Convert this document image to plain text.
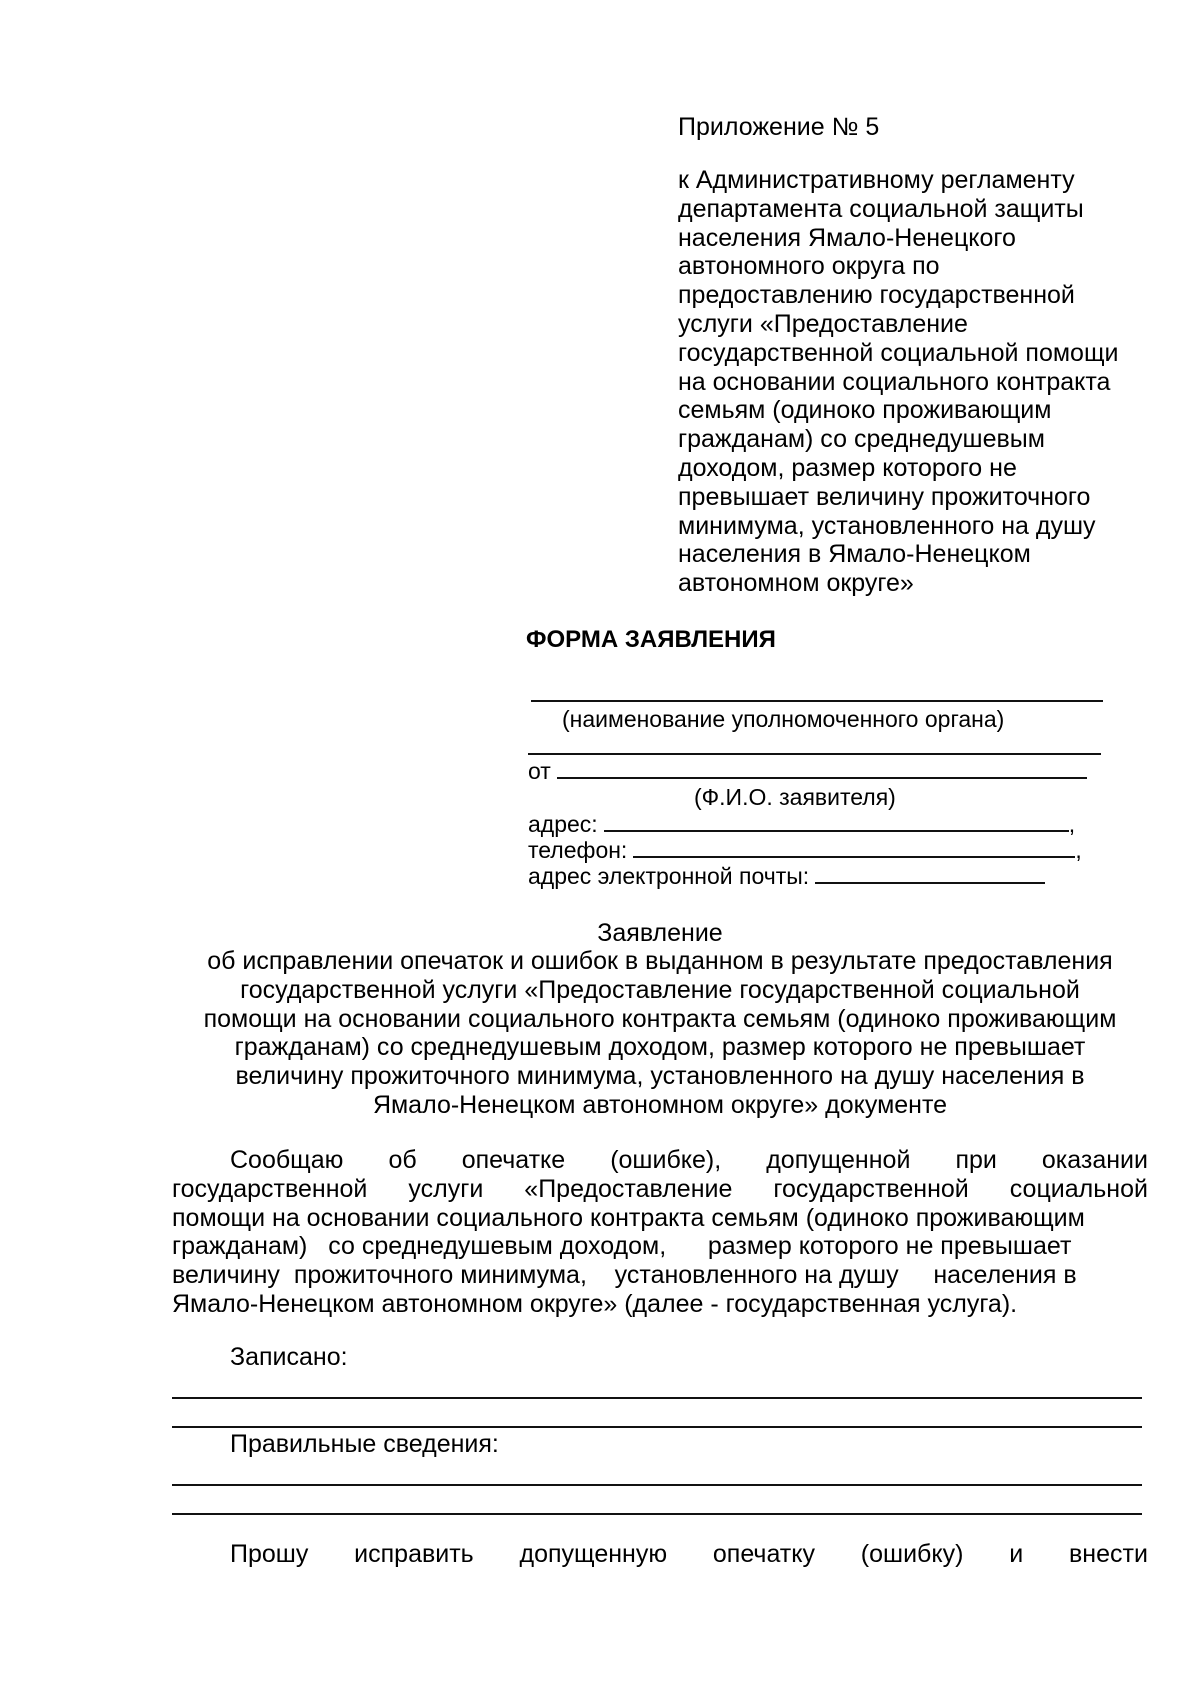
Приложение № 5
к Административному регламенту
департамента социальной защиты
населения Ямало-Ненецкого
автономного округа по
предоставлению государственной
услуги «Предоставление
государственной социальной помощи
на основании социального контракта
семьям (одиноко проживающим
гражданам) со среднедушевым
доходом, размер которого не
превышает величину прожиточного
минимума, установленного на душу
населения в Ямало-Ненецком
автономном округе»
ФОРМА ЗАЯВЛЕНИЯ
(наименование уполномоченного органа)
от
(Ф.И.О. заявителя)
адрес:	,
телефон:	,
адрес электронной почты:
Заявление
об исправлении опечаток и ошибок в выданном в результате предоставления
государственной услуги «Предоставление государственной социальной
помощи на основании социального контракта семьям (одиноко проживающим
гражданам) со среднедушевым доходом, размер которого не превышает
величину прожиточного минимума, установленного на душу населения в
Ямало-Ненецком автономном округе» документе
Сообщаю об опечатке (ошибке), допущенной при оказании
государственной услуги «Предоставление государственной социальной
помощи на основании социального контракта семьям (одиноко проживающим
гражданам)   со среднедушевым доходом,      размер которого не превышает
величину  прожиточного минимума,    установленного на душу     населения в
Ямало-Ненецком автономном округе» (далее - государственная услуга).
Записано:
Правильные сведения:
Прошу исправить допущенную опечатку (ошибку) и внести
